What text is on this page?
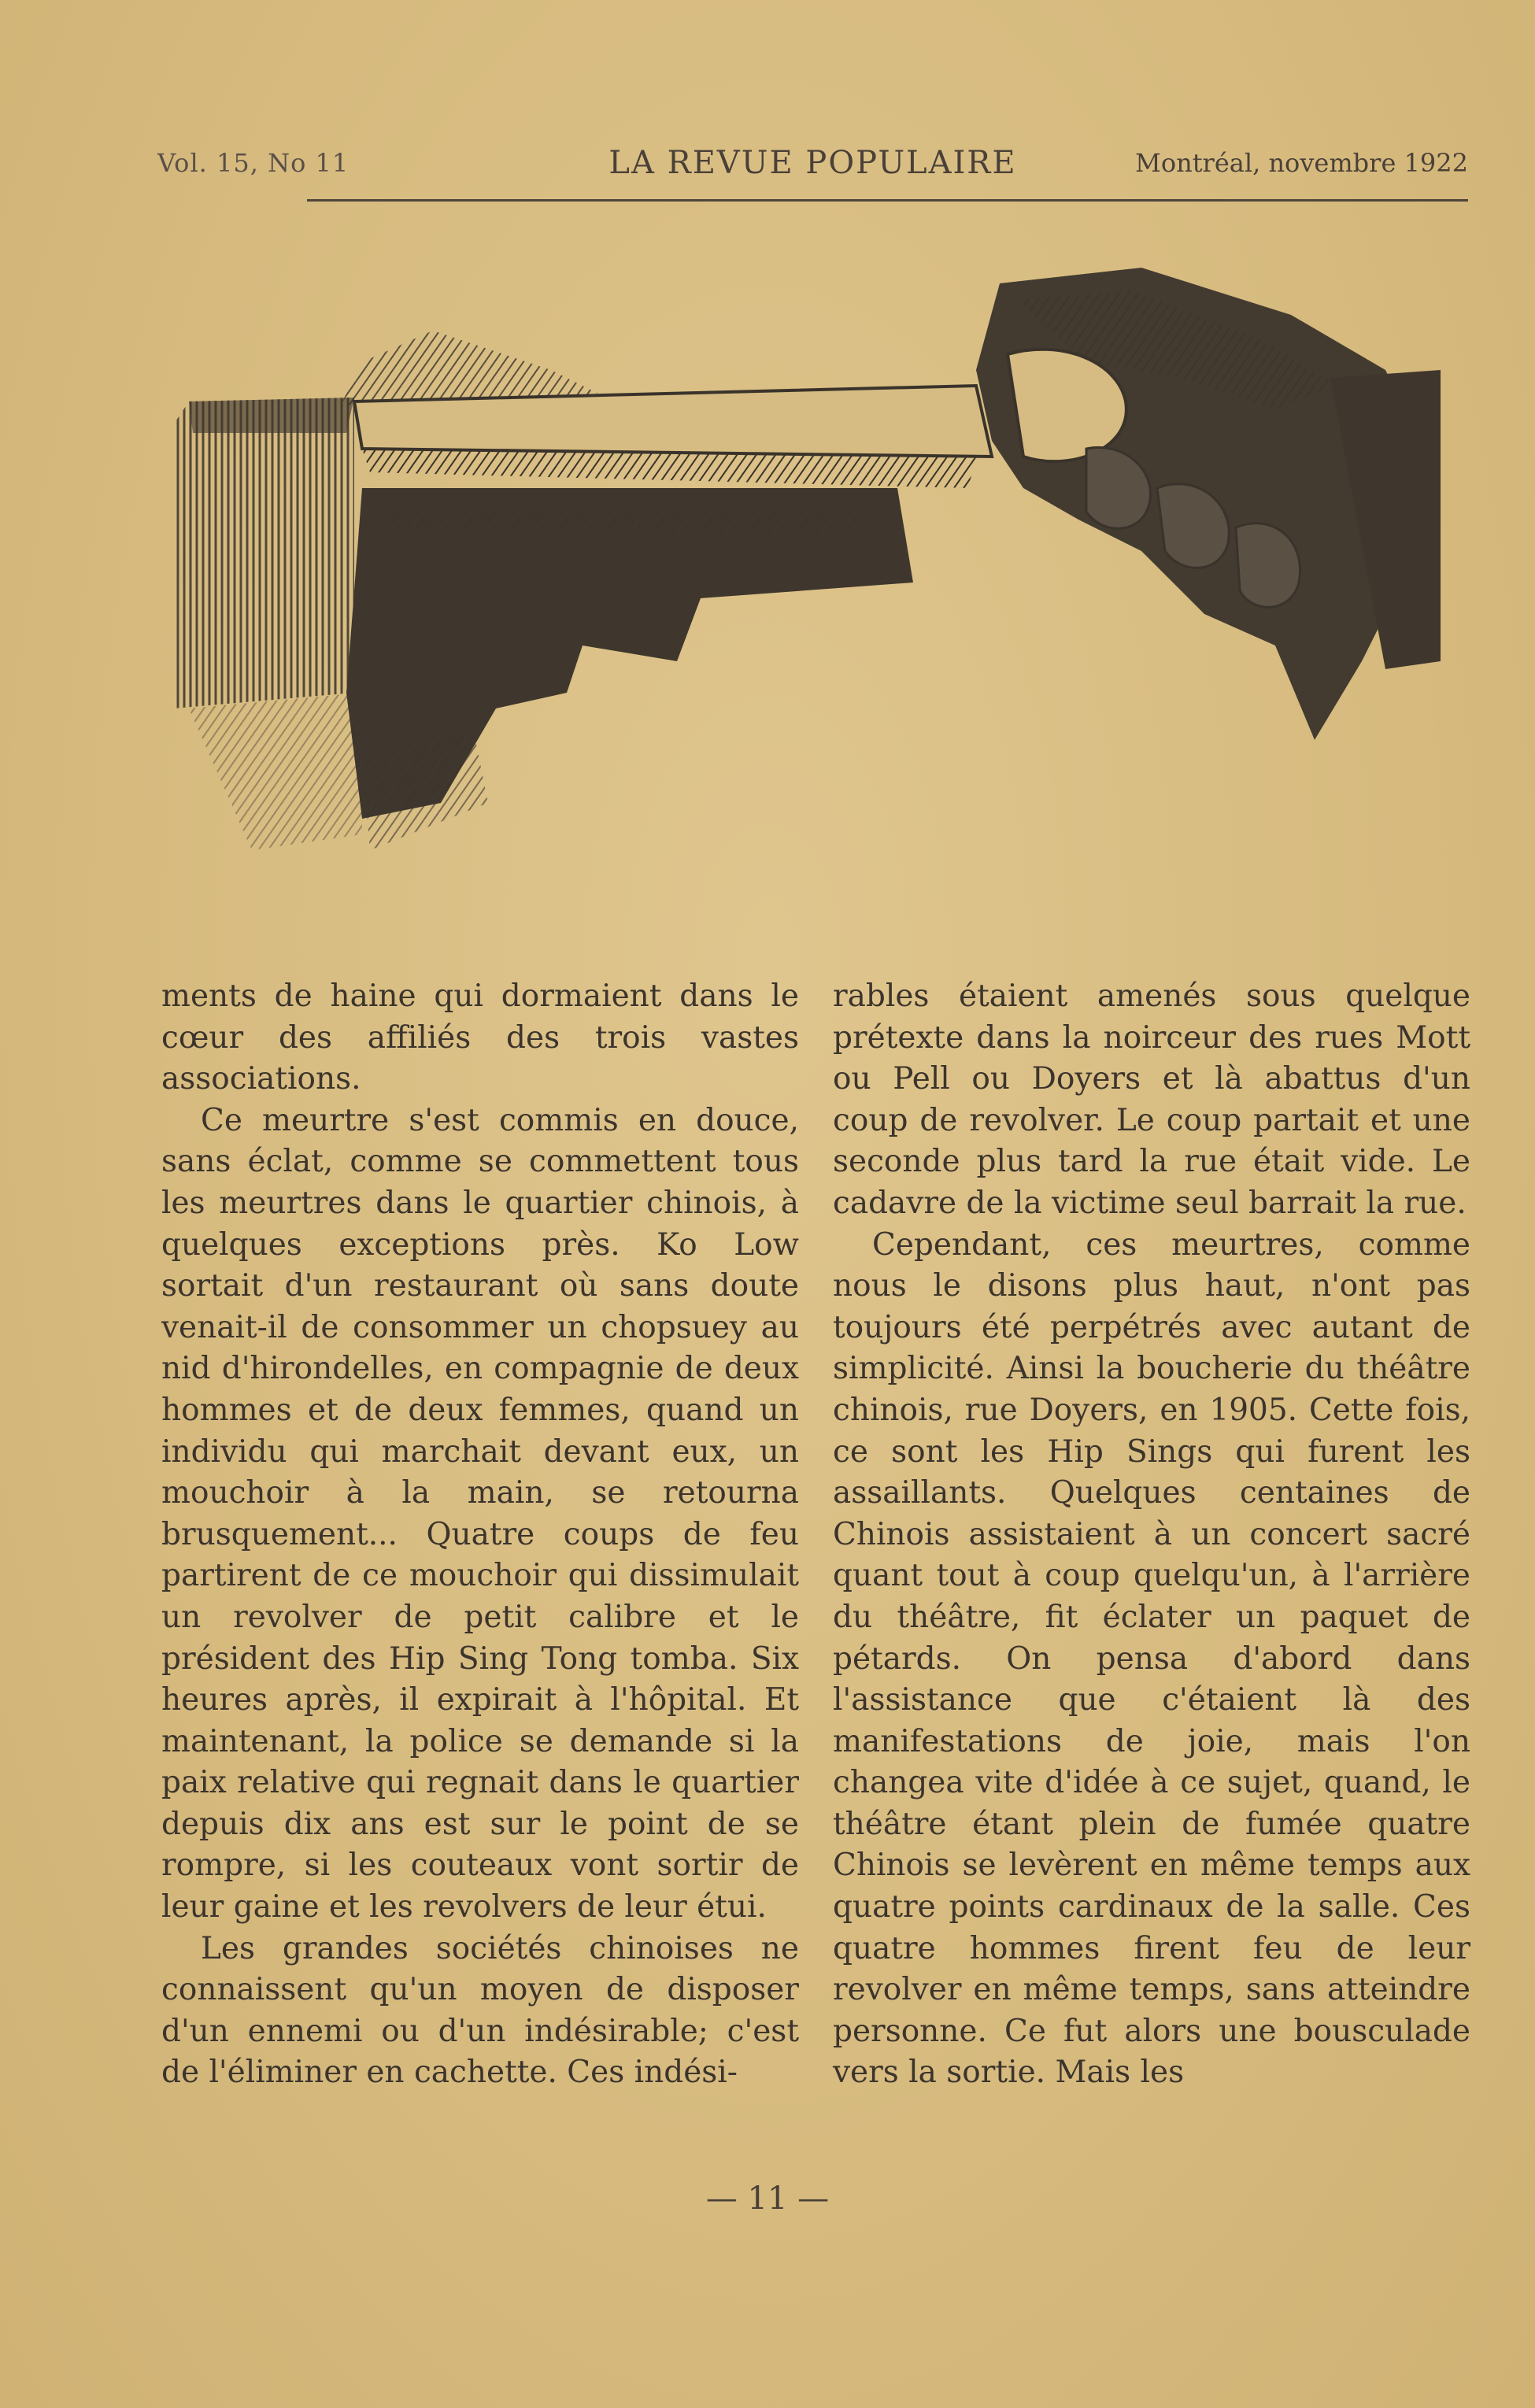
Vol. 15, No 11	LA REVUE POPULAIRE	Montréal, novembre 1922

ments de haine qui dormaient dans le cœur des affiliés des trois vastes associations.

Ce meurtre s'est commis en douce, sans éclat, comme se commettent tous les meurtres dans le quartier chinois, à quelques exceptions près. Ko Low sortait d'un restaurant où sans doute venait-il de consommer un chopsuey au nid d'hirondelles, en compagnie de deux hommes et de deux femmes, quand un individu qui marchait devant eux, un mouchoir à la main, se retourna brusquement... Quatre coups de feu partirent de ce mouchoir qui dissimulait un revolver de petit calibre et le président des Hip Sing Tong tomba. Six heures après, il expirait à l'hôpital. Et maintenant, la police se demande si la paix relative qui regnait dans le quartier depuis dix ans est sur le point de se rompre, si les couteaux vont sortir de leur gaine et les revolvers de leur étui.

Les grandes sociétés chinoises ne connaissent qu'un moyen de disposer d'un ennemi ou d'un indésirable; c'est de l'éliminer en cachette. Ces indési-

rables étaient amenés sous quelque prétexte dans la noirceur des rues Mott ou Pell ou Doyers et là abattus d'un coup de revolver. Le coup partait et une seconde plus tard la rue était vide. Le cadavre de la victime seul barrait la rue.

Cependant, ces meurtres, comme nous le disons plus haut, n'ont pas toujours été perpétrés avec autant de simplicité. Ainsi la boucherie du théâtre chinois, rue Doyers, en 1905. Cette fois, ce sont les Hip Sings qui furent les assaillants. Quelques centaines de Chinois assistaient à un concert sacré quant tout à coup quelqu'un, à l'arrière du théâtre, fit éclater un paquet de pétards. On pensa d'abord dans l'assistance que c'étaient là des manifestations de joie, mais l'on changea vite d'idée à ce sujet, quand, le théâtre étant plein de fumée quatre Chinois se levèrent en même temps aux quatre points cardinaux de la salle. Ces quatre hommes firent feu de leur revolver en même temps, sans atteindre personne. Ce fut alors une bousculade vers la sortie. Mais les

— 11 —
